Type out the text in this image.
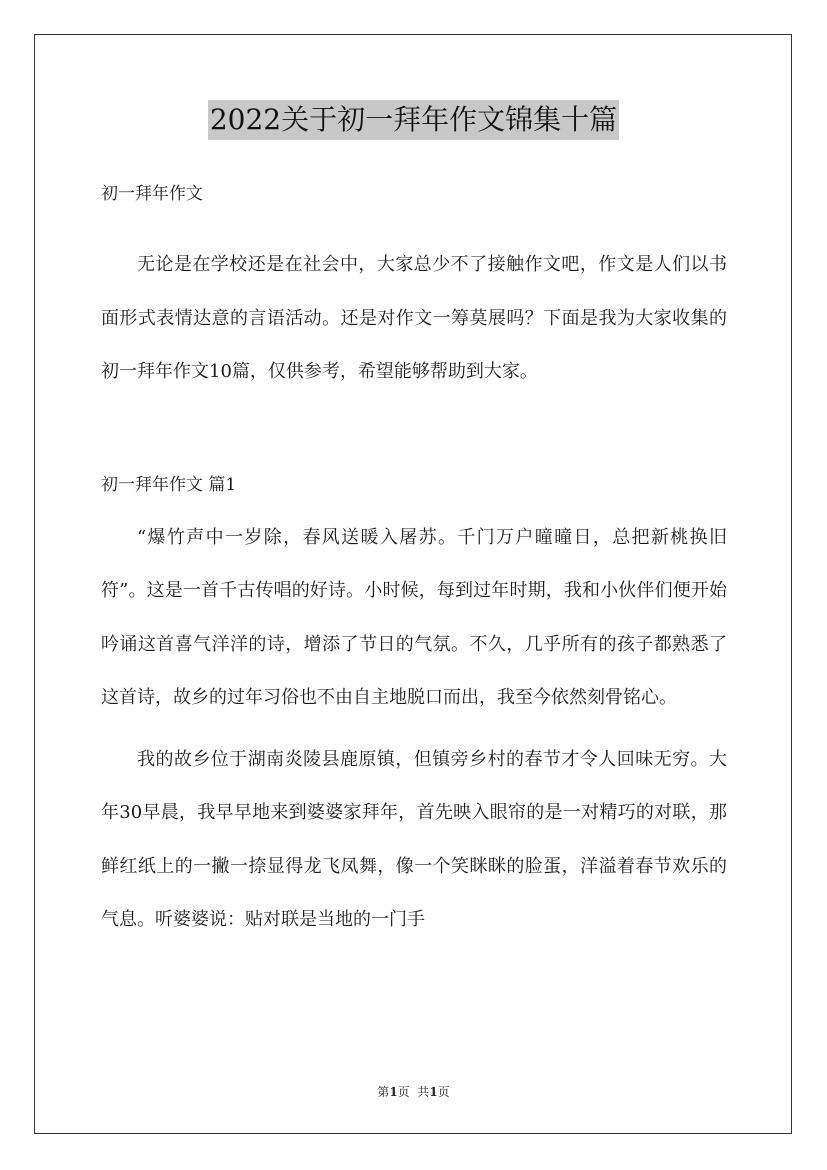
2022关于初一拜年作文锦集十篇

初一拜年作文

无论是在学校还是在社会中，大家总少不了接触作文吧，作文是人们以书面形式表情达意的言语活动。还是对作文一筹莫展吗？下面是我为大家收集的初一拜年作文10篇，仅供参考，希望能够帮助到大家。

初一拜年作文 篇1

“爆竹声中一岁除，春风送暖入屠苏。千门万户曈曈日，总把新桃换旧符”。这是一首千古传唱的好诗。小时候，每到过年时期，我和小伙伴们便开始吟诵这首喜气洋洋的诗，增添了节日的气氛。不久，几乎所有的孩子都熟悉了这首诗，故乡的过年习俗也不由自主地脱口而出，我至今依然刻骨铭心。

我的故乡位于湖南炎陵县鹿原镇，但镇旁乡村的春节才令人回味无穷。大年30早晨，我早早地来到婆婆家拜年，首先映入眼帘的是一对精巧的对联，那鲜红纸上的一撇一捺显得龙飞凤舞，像一个笑眯眯的脸蛋，洋溢着春节欢乐的气息。听婆婆说：贴对联是当地的一门手

第1页  共1页
